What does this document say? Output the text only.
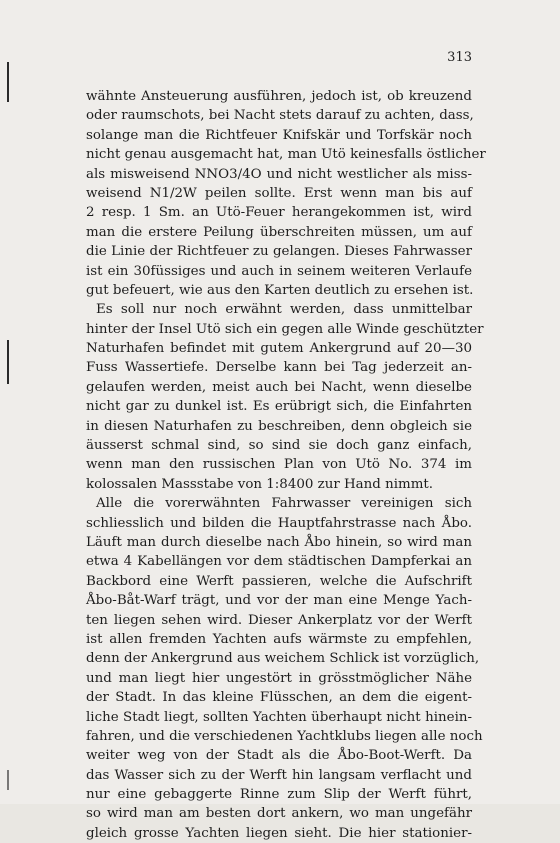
313
wähnte Ansteuerung ausführen, jedoch ist, ob kreuzend
oder raumschots, bei Nacht stets darauf zu achten, dass,
solange man die Richtfeuer Knifskär und Torfskär noch
nicht genau ausgemacht hat, man Utö keinesfalls östlicher
als misweisend NNO3/4O und nicht westlicher als miss-
weisend N1/2W peilen sollte. Erst wenn man bis auf
2 resp. 1 Sm. an Utö-Feuer herangekommen ist, wird
man die erstere Peilung überschreiten müssen, um auf
die Linie der Richtfeuer zu gelangen. Dieses Fahrwasser
ist ein 30füssiges und auch in seinem weiteren Verlaufe
gut befeuert, wie aus den Karten deutlich zu ersehen ist.
Es soll nur noch erwähnt werden, dass unmittelbar
hinter der Insel Utö sich ein gegen alle Winde geschützter
Naturhafen befindet mit gutem Ankergrund auf 20—30
Fuss Wassertiefe. Derselbe kann bei Tag jederzeit an-
gelaufen werden, meist auch bei Nacht, wenn dieselbe
nicht gar zu dunkel ist. Es erübrigt sich, die Einfahrten
in diesen Naturhafen zu beschreiben, denn obgleich sie
äusserst schmal sind, so sind sie doch ganz einfach,
wenn man den russischen Plan von Utö No. 374 im
kolossalen Massstabe von 1:8400 zur Hand nimmt.
Alle die vorerwähnten Fahrwasser vereinigen sich
schliesslich und bilden die Hauptfahrstrasse nach Åbo.
Läuft man durch dieselbe nach Åbo hinein, so wird man
etwa 4 Kabellängen vor dem städtischen Dampferkai an
Backbord eine Werft passieren, welche die Aufschrift
Åbo-Båt-Warf trägt, und vor der man eine Menge Yach-
ten liegen sehen wird. Dieser Ankerplatz vor der Werft
ist allen fremden Yachten aufs wärmste zu empfehlen,
denn der Ankergrund aus weichem Schlick ist vorzüglich,
und man liegt hier ungestört in grösstmöglicher Nähe
der Stadt. In das kleine Flüsschen, an dem die eigent-
liche Stadt liegt, sollten Yachten überhaupt nicht hinein-
fahren, und die verschiedenen Yachtklubs liegen alle noch
weiter weg von der Stadt als die Åbo-Boot-Werft. Da
das Wasser sich zu der Werft hin langsam verflacht und
nur eine gebaggerte Rinne zum Slip der Werft führt,
so wird man am besten dort ankern, wo man ungefähr
gleich grosse Yachten liegen sieht. Die hier stationier-
